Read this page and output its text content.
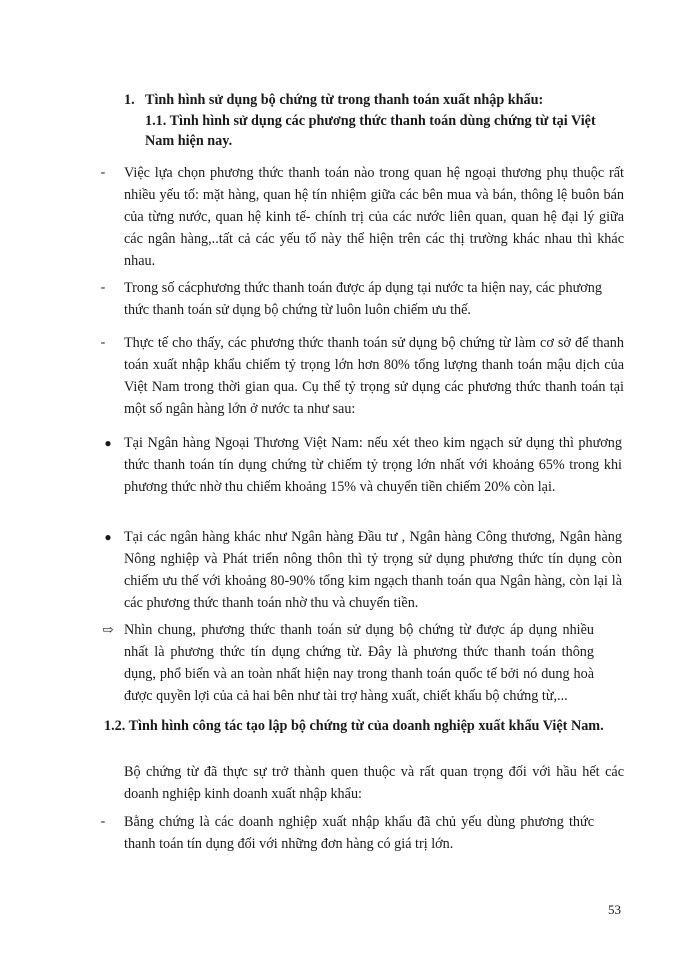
1. Tình hình sử dụng bộ chứng từ trong thanh toán xuất nhập khẩu:
1.1. Tình hình sử dụng các phương thức thanh toán dùng chứng từ tại Việt Nam hiện nay.
- Việc lựa chọn phương thức thanh toán nào trong quan hệ ngoại thương phụ thuộc rất nhiều yếu tố: mặt hàng, quan hệ tín nhiệm giữa các bên mua và bán, thông lệ buôn bán của từng nước, quan hệ kinh tế- chính trị của các nước liên quan, quan hệ đại lý giữa các ngân hàng,..tất cả các yếu tố này thể hiện trên các thị trường khác nhau thì khác nhau.
- Trong số cácphương thức thanh toán được áp dụng tại nước ta hiện nay, các phương thức thanh toán sử dụng bộ chứng từ luôn luôn chiếm ưu thế.
- Thực tế cho thấy, các phương thức thanh toán sử dụng bộ chứng từ làm cơ sở để thanh toán xuất nhập khẩu chiếm tỷ trọng lớn hơn 80% tổng lượng thanh toán mậu dịch của Việt Nam trong thời gian qua. Cụ thể tỷ trọng sử dụng các phương thức thanh toán tại một số ngân hàng lớn ở nước ta như sau:
● Tại Ngân hàng Ngoại Thương Việt Nam: nếu xét theo kim ngạch sử dụng thì phương thức thanh toán tín dụng chứng từ chiếm tỷ trọng lớn nhất với khoảng 65% trong khi phương thức nhờ thu chiếm khoảng 15% và chuyển tiền chiếm 20% còn lại.
● Tại các ngân hàng khác như Ngân hàng Đầu tư , Ngân hàng Công thương, Ngân hàng Nông nghiệp và Phát triển nông thôn thì tỷ trọng sử dụng phương thức tín dụng còn chiếm ưu thế với khoảng 80-90% tổng kim ngạch thanh toán qua Ngân hàng, còn lại là các phương thức thanh toán nhờ thu và chuyển tiền.
⇨ Nhìn chung, phương thức thanh toán sử dụng bộ chứng từ được áp dụng nhiều nhất là phương thức tín dụng chứng từ. Đây là phương thức thanh toán thông dụng, phổ biến và an toàn nhất hiện nay trong thanh toán quốc tế bởi nó dung hoà được quyền lợi của cả hai bên như tài trợ hàng xuất, chiết khấu bộ chứng từ,...
1.2. Tình hình công tác tạo lập bộ chứng từ của doanh nghiệp xuất khẩu Việt Nam.
Bộ chứng từ đã thực sự trở thành quen thuộc và rất quan trọng đối với hầu hết các doanh nghiệp kinh doanh xuất nhập khẩu:
- Bằng chứng là các doanh nghiệp xuất nhập khẩu đã chủ yếu dùng phương thức thanh toán tín dụng đối với những đơn hàng có giá trị lớn.
53
